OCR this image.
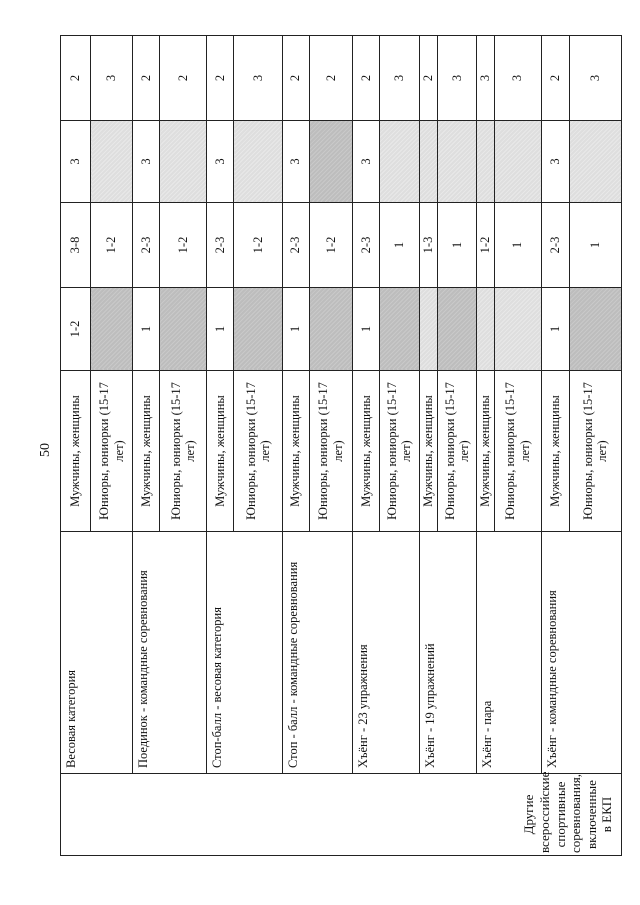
50
Другие всероссийские спортивные соревнования, включенные в ЕКП	Весовая категория	Мужчины, женщины	1-2	3-8	3	2
		Юниоры, юниорки (15-17 лет)		1-2		3
	Поединок - командные соревнования	Мужчины, женщины	1	2-3	3	2
		Юниоры, юниорки (15-17 лет)		1-2		2
	Стоп-балл - весовая категория	Мужчины, женщины	1	2-3	3	2
		Юниоры, юниорки (15-17 лет)		1-2		3
	Стоп - балл - командные соревнования	Мужчины, женщины	1	2-3	3	2
		Юниоры, юниорки (15-17 лет)		1-2		2
	Хъёнг - 23 упражнения	Мужчины, женщины	1	2-3	3	2
		Юниоры, юниорки (15-17 лет)		1		3
	Хъёнг - 19 упражнений	Мужчины, женщины		1-3		2
		Юниоры, юниорки (15-17 лет)		1		3
	Хъёнг - пара	Мужчины, женщины		1-2		3
		Юниоры, юниорки (15-17 лет)		1		3
	Хъёнг - командные соревнования	Мужчины, женщины	1	2-3	3	2
		Юниоры, юниорки (15-17 лет)		1		3
